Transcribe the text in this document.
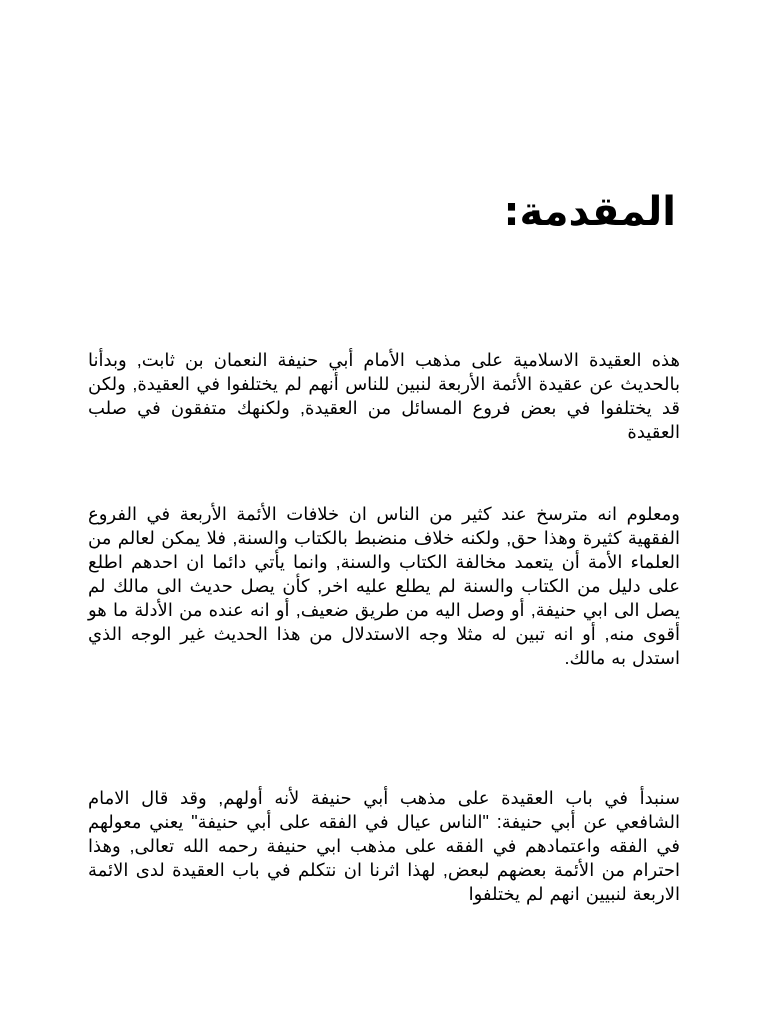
المقدمة:

هذه العقيدة الاسلامية على مذهب الأمام أبي حنيفة النعمان بن ثابت, وبدأنا بالحديث عن عقيدة الأئمة الأربعة لنبين للناس أنهم لم يختلفوا في العقيدة, ولكن قد يختلفوا في بعض فروع المسائل من العقيدة, ولكنهك متفقون في صلب العقيدة

ومعلوم انه مترسخ عند كثير من الناس ان خلافات الأئمة الأربعة في الفروع الفقهية كثيرة وهذا حق, ولكنه خلاف منضبط بالكتاب والسنة, فلا يمكن لعالم من العلماء الأمة أن يتعمد مخالفة الكتاب والسنة, وانما يأتي دائما ان احدهم اطلع على دليل من الكتاب والسنة لم يطلع عليه اخر, كأن يصل حديث الى مالك لم يصل الى ابي حنيفة, أو وصل اليه من طريق ضعيف, أو انه عنده من الأدلة ما هو أقوى منه, أو انه تبين له مثلا وجه الاستدلال من هذا الحديث غير الوجه الذي استدل به مالك.

سنبدأ في باب العقيدة على مذهب أبي حنيفة لأنه أولهم, وقد قال الامام الشافعي عن أبي حنيفة: "الناس عيال في الفقه على أبي حنيفة" يعني معولهم في الفقه واعتمادهم في الفقه على مذهب ابي حنيفة رحمه الله تعالى, وهذا احترام من الأئمة بعضهم لبعض, لهذا اثرنا ان نتكلم في باب العقيدة لدى الائمة الاربعة لنبيين انهم لم يختلفوا
